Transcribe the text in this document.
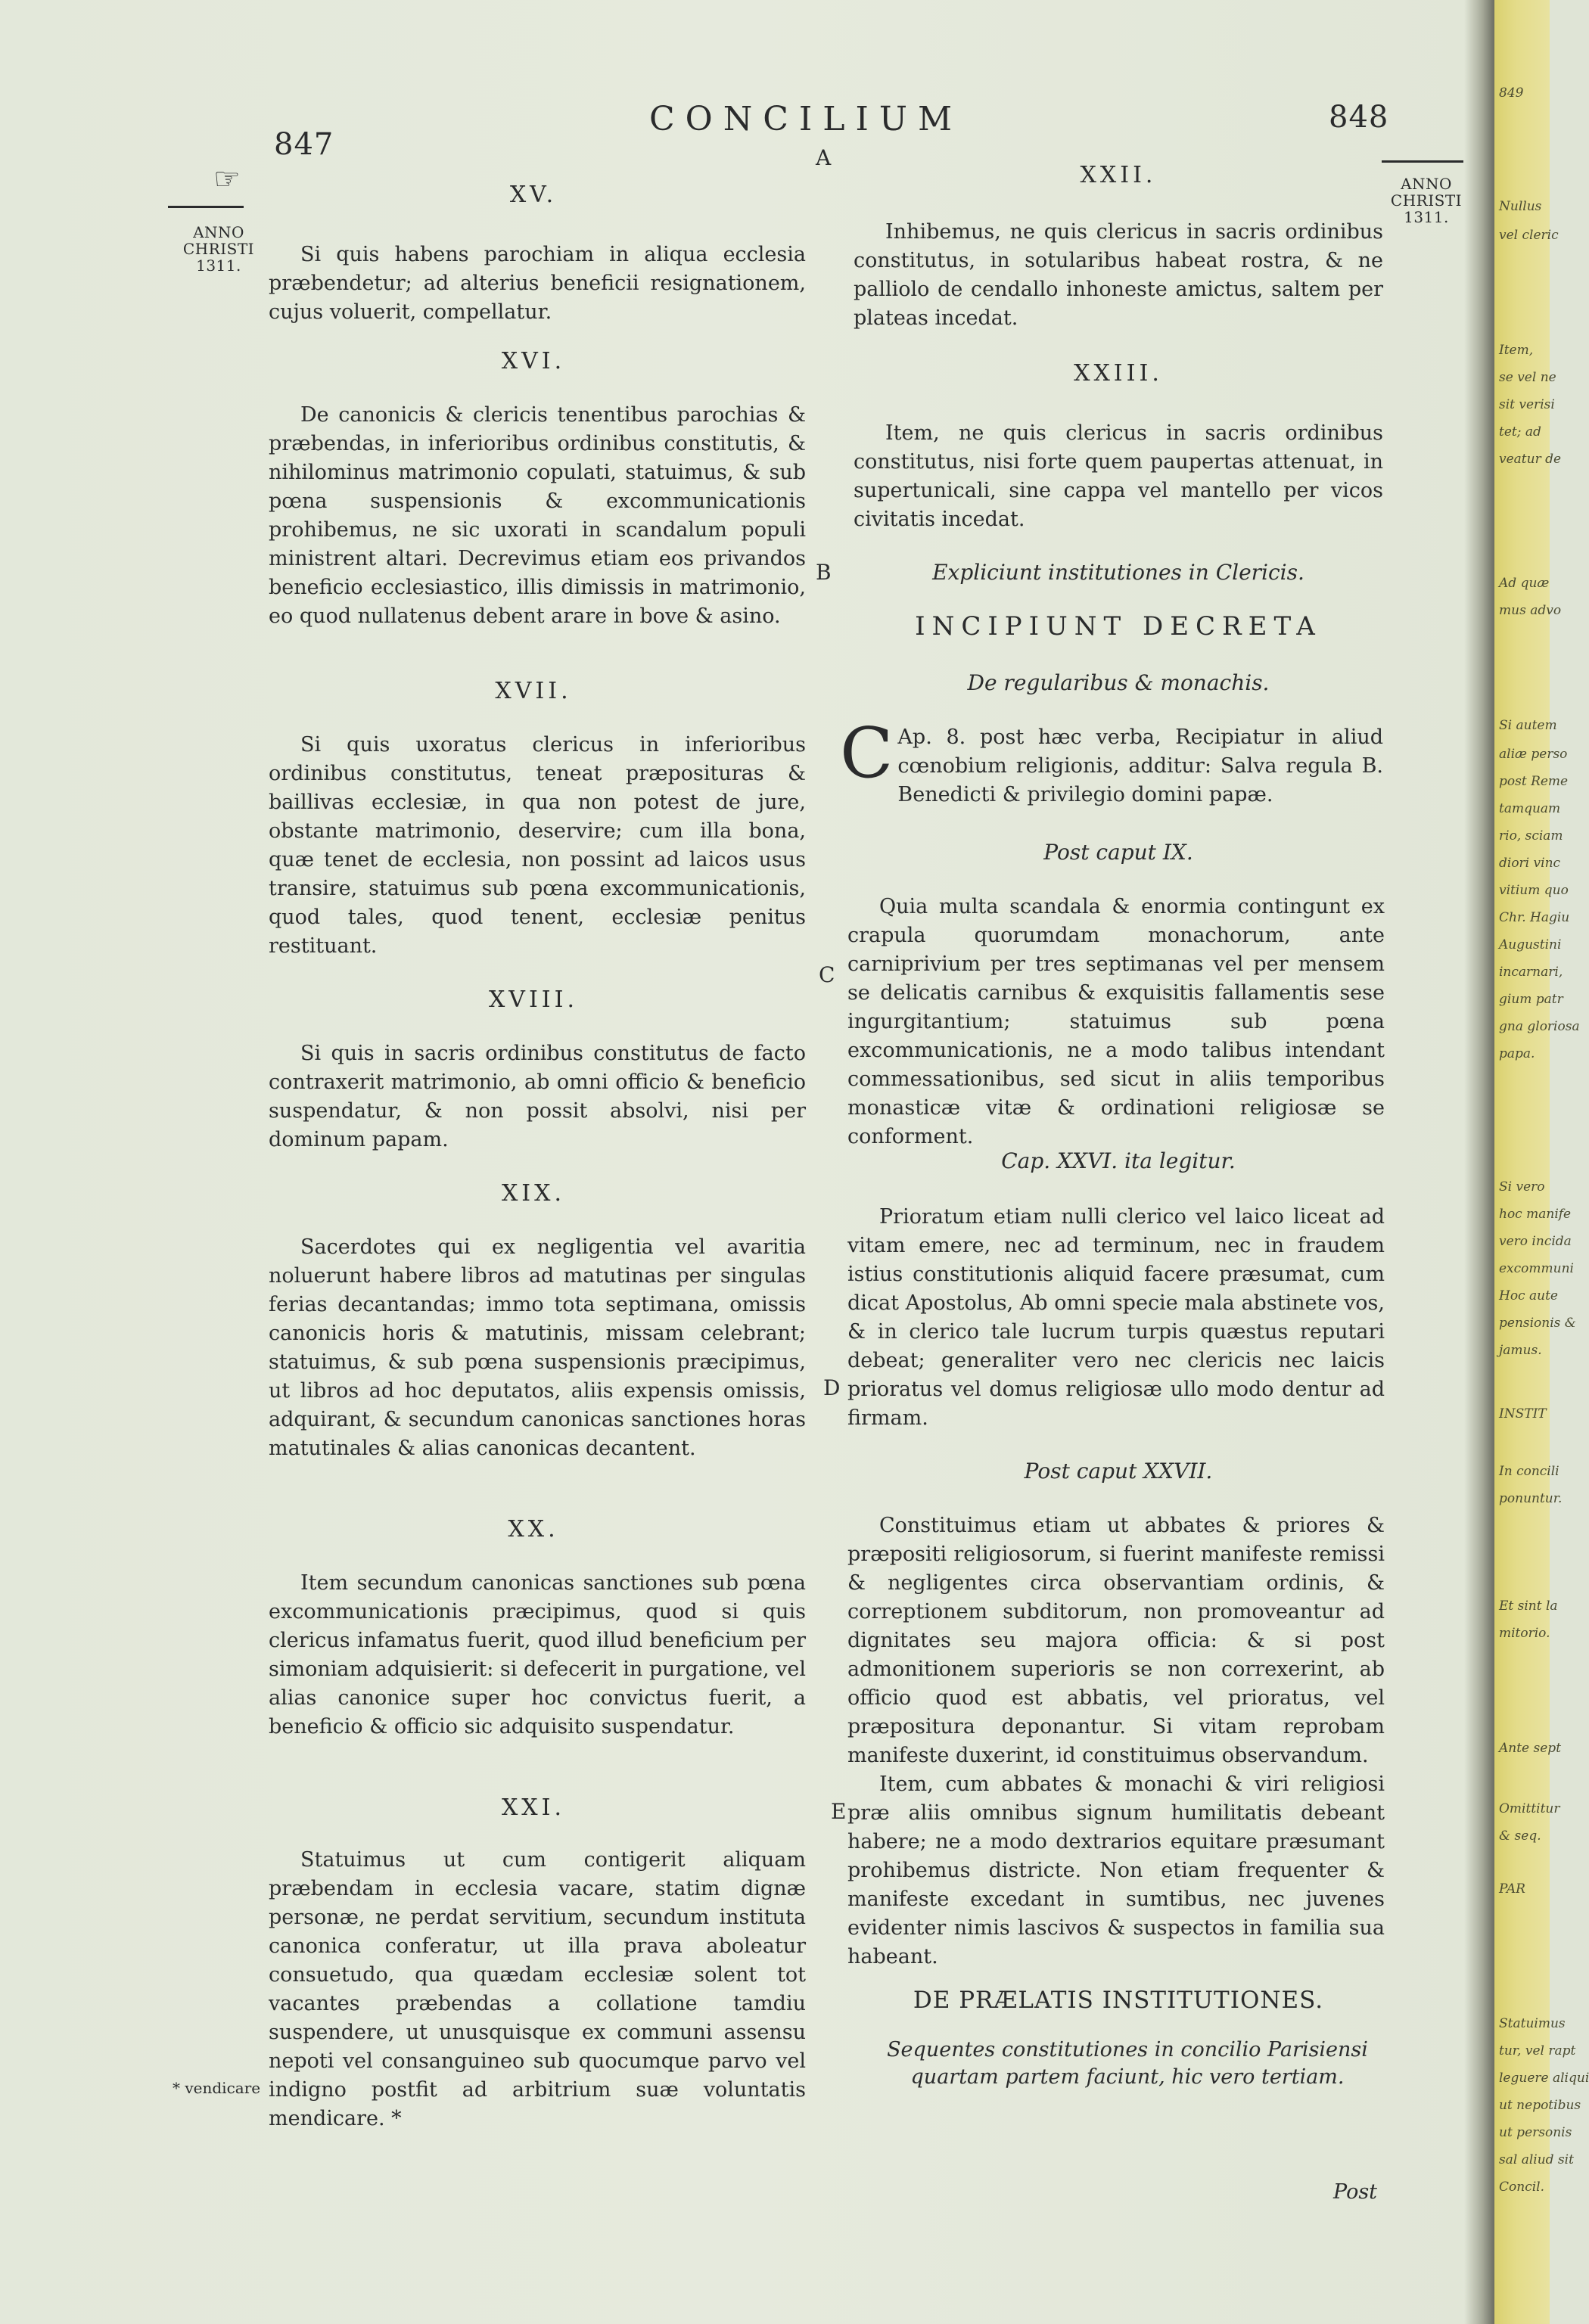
847
CONCILIUM
A
848
☞
ANNO
CHRISTI
1311.
ANNO
CHRISTI
1311.
B
C
D
E
XV.

Si quis habens parochiam in aliqua ecclesia præbendetur; ad alterius beneficii resignationem, cujus voluerit, compellatur.

XVI.

De canonicis & clericis tenentibus parochias & præbendas, in inferioribus ordinibus constitutis, & nihilominus matrimonio copulati, statuimus, & sub pœna suspensionis & excommunicationis prohibemus, ne sic uxorati in scandalum populi ministrent altari. Decrevimus etiam eos privandos beneficio ecclesiastico, illis dimissis in matrimonio, eo quod nullatenus debent arare in bove & asino.

XVII.

Si quis uxoratus clericus in inferioribus ordinibus constitutus, teneat præposituras & baillivas ecclesiæ, in qua non potest de jure, obstante matrimonio, deservire; cum illa bona, quæ tenet de ecclesia, non possint ad laicos usus transire, statuimus sub pœna excommunicationis, quod tales, quod tenent, ecclesiæ penitus restituant.

XVIII.

Si quis in sacris ordinibus constitutus de facto contraxerit matrimonio, ab omni officio & beneficio suspendatur, & non possit absolvi, nisi per dominum papam.

XIX.

Sacerdotes qui ex negligentia vel avaritia noluerunt habere libros ad matutinas per singulas ferias decantandas; immo tota septimana, omissis canonicis horis & matutinis, missam celebrant; statuimus, & sub pœna suspensionis præcipimus, ut libros ad hoc deputatos, aliis expensis omissis, adquirant, & secundum canonicas sanctiones horas matutinales & alias canonicas decantent.

XX.

Item secundum canonicas sanctiones sub pœna excommunicationis præcipimus, quod si quis clericus infamatus fuerit, quod illud beneficium per simoniam adquisierit: si defecerit in purgatione, vel alias canonice super hoc convictus fuerit, a beneficio & officio sic adquisito suspendatur.

XXI.

Statuimus ut cum contigerit aliquam præbendam in ecclesia vacare, statim dignæ personæ, ne perdat servitium, secundum instituta canonica conferatur, ut illa prava aboleatur consuetudo, qua quædam ecclesiæ solent tot vacantes præbendas a collatione tamdiu suspendere, ut unusquisque ex communi assensu nepoti vel consanguineo sub quocumque parvo vel indigno postfit ad arbitrium suæ voluntatis mendicare. *

* vendicare
XXII.

Inhibemus, ne quis clericus in sacris ordinibus constitutus, in sotularibus habeat rostra, & ne palliolo de cendallo inhoneste amictus, saltem per plateas incedat.

XXIII.

Item, ne quis clericus in sacris ordinibus constitutus, nisi forte quem paupertas attenuat, in supertunicali, sine cappa vel mantello per vicos civitatis incedat.

Expliciunt institutiones in Clericis.
INCIPIUNT DECRETA
De regularibus & monachis.
C Ap. 8. post hæc verba, Recipiatur in aliud cœnobium religionis, additur: Salva regula B. Benedicti & privilegio domini papæ.

Post caput IX.

Quia multa scandala & enormia contingunt ex crapula quorumdam monachorum, ante carniprivium per tres septimanas vel per mensem se delicatis carnibus & exquisitis fallamentis sese ingurgitantium; statuimus sub pœna excommunicationis, ne a modo talibus intendant commessationibus, sed sicut in aliis temporibus monasticæ vitæ & ordinationi religiosæ se conforment.

Cap. XXVI. ita legitur.

Prioratum etiam nulli clerico vel laico liceat ad vitam emere, nec ad terminum, nec in fraudem istius constitutionis aliquid facere præsumat, cum dicat Apostolus, Ab omni specie mala abstinete vos, & in clerico tale lucrum turpis quæstus reputari debeat; generaliter vero nec clericis nec laicis prioratus vel domus religiosæ ullo modo dentur ad firmam.

Post caput XXVII.

Constituimus etiam ut abbates & priores & præpositi religiosorum, si fuerint manifeste remissi & negligentes circa observantiam ordinis, & correptionem subditorum, non promoveantur ad dignitates seu majora officia: & si post admonitionem superioris se non correxerint, ab officio quod est abbatis, vel prioratus, vel præpositura deponantur. Si vitam reprobam manifeste duxerint, id constituimus observandum.

Item, cum abbates & monachi & viri religiosi præ aliis omnibus signum humilitatis debeant habere; ne a modo dextrarios equitare præsumant prohibemus districte. Non etiam frequenter & manifeste excedant in sumtibus, nec juvenes evidenter nimis lascivos & suspectos in familia sua habeant.

DE PRÆLATIS INSTITUTIONES.
Sequentes constitutiones in concilio Parisiensi quartam partem faciunt, hic vero tertiam.
Post
849
Nullus
vel cleric
Item,
se vel ne
sit verisi
tet; ad
veatur de
Ad quæ
mus advo
Si autem
aliæ perso
post Reme
tamquam
rio, sciam
diori vinc
vitium quo
Chr. Hagiu
Augustini
incarnari,
gium patr
gna gloriosa
papa.
Si vero
hoc manife
vero incida
excommuni
Hoc aute
pensionis &
jamus.
INSTIT
In concili
ponuntur.
Et sint la
mitorio.
Ante sept
Omittitur
& seq.
PAR
Statuimus
tur, vel rapt
leguere aliqui
ut nepotibus
ut personis
sal aliud sit
Concil.
